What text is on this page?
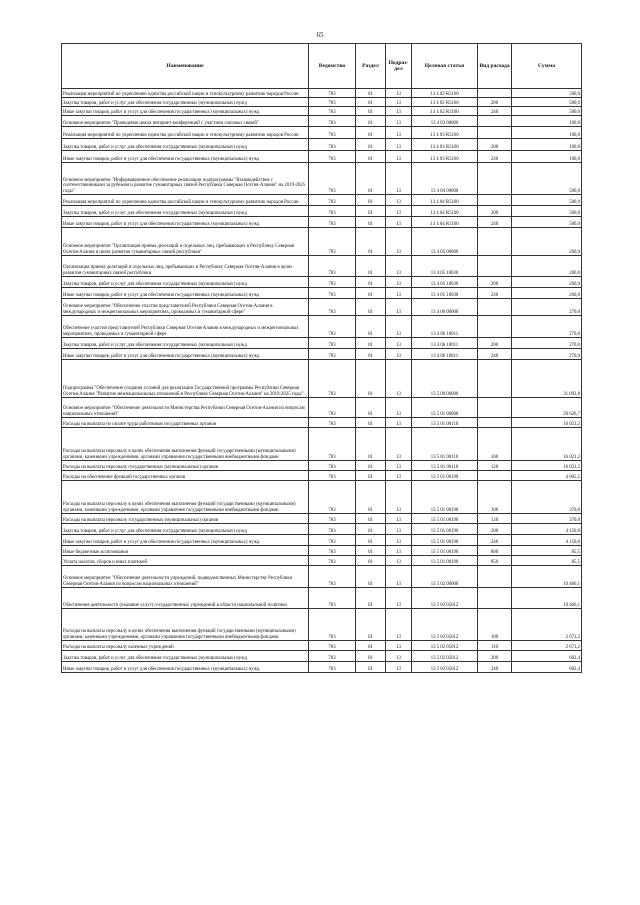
65
Наименование	Ведомство	Раздел	Подраз-дел	Целевая статья	Вид расхода	Сумма
Реализация мероприятий по укреплению единства российской нации и этнокультурному развитию народов России	783	01	13	13 4 02 R5160		500,0
Закупка товаров, работ и услуг для обеспечения государственных (муниципальных) нужд	783	01	13	13 4 02 R5160	200	500,0
Иные закупки товаров, работ и услуг для обеспечения государственных (муниципальных) нужд	783	01	13	13 4 02 R5160	240	500,0
Основное мероприятие "Проведение цикла интернет-конференций с участием союзных связей"	783	01	13	13 4 03 00000		100,0
Реализация мероприятий по укреплению единства российской нации и этнокультурному развитию народов России	783	01	13	13 4 03 R5160		100,0
Закупка товаров, работ и услуг для обеспечения государственных (муниципальных) нужд	783	01	13	13 4 03 R5160	200	100,0
Иные закупки товаров, работ и услуг для обеспечения государственных (муниципальных) нужд	783	01	13	13 4 03 R5160	240	100,0
Основное мероприятие "Информационное обеспечение реализации подпрограммы "Взаимодействие с соотечественниками за рубежом и развитие гуманитарных связей Республики Северная Осетия-Алания" на 2019-2025 годы"	783	01	13	13 4 04 00000		500,0
Реализация мероприятий по укреплению единства российской нации и этнокультурному развитию народов России	783	01	13	13 4 04 R5160		500,0
Закупка товаров, работ и услуг для обеспечения государственных (муниципальных) нужд	783	01	13	13 4 04 R5160	200	500,0
Иные закупки товаров, работ и услуг для обеспечения государственных (муниципальных) нужд	783	01	13	13 4 04 R5160	240	500,0
Основное мероприятие "Организация приема делегаций и отдельных лиц, пребывающих в Республику Северная Осетия-Алания в целях развития гуманитарных связей республики"	783	01	13	13 4 05 00000		260,0
Организация приема делегаций и отдельных лиц, пребывающих в Республику Северная Осетия-Алания в целях развития гуманитарных связей республики	783	01	13	13 4 05 10030		260,0
Закупка товаров, работ и услуг для обеспечения государственных (муниципальных) нужд	783	01	13	13 4 05 10030	200	260,0
Иные закупки товаров, работ и услуг для обеспечения государственных (муниципальных) нужд	783	01	13	13 4 05 10030	240	260,0
Основное мероприятие "Обеспечение участия представителей Республики Северная Осетия-Алания в международных и межрегиональных мероприятиях, проводимых в гуманитарной сфере"	783	01	13	13 4 06 00000		270,0
Обеспечение участия представителей Республики Северная Осетия-Алания в международных и межрегиональных мероприятиях, проводимых в гуманитарной сфере	783	01	13	13 4 06 10011		270,0
Закупка товаров, работ и услуг для обеспечения государственных (муниципальных) нужд	783	01	13	13 4 06 10011	200	270,0
Иные закупки товаров, работ и услуг для обеспечения государственных (муниципальных) нужд	783	01	13	13 4 06 10011	240	270,0
Подпрограмма "Обеспечение создания условий для реализации Государственной программы Республики Северная Осетия-Алания "Развитие межнациональных отношений в Республике Северная Осетия-Алания" на 2019-2025 годы"	783	01	13	13 5 00 00000		31 092,8
Основное мероприятие "Обеспечение деятельности Министерства Республики Северная Осетия-Алания по вопросам национальных отношений"	783	01	13	13 5 01 00000		20 626,7
Расходы на выплаты по оплате труда работников государственных органов	783	01	13	13 5 01 00110		16 021,2
Расходы на выплаты персоналу в целях обеспечения выполнения функций государственными (муниципальными) органами, казенными учреждениями, органами управления государственными внебюджетными фондами	783	01	13	13 5 01 00110	100	16 021,2
Расходы на выплаты персоналу государственных (муниципальных) органов	783	01	13	13 5 01 00110	120	16 021,2
Расходы на обеспечение функций государственных органов	783	01	13	13 5 01 00190		4 605,5
Расходы на выплаты персоналу в целях обеспечения выполнения функций государственными (муниципальными) органами, казенными учреждениями, органами управления государственными внебюджетными фондами	783	01	13	13 5 01 00190	100	370,0
Расходы на выплаты персоналу государственных (муниципальных) органов	783	01	13	13 5 01 00190	120	370,0
Закупка товаров, работ и услуг для обеспечения государственных (муниципальных) нужд	783	01	13	13 5 01 00190	200	4 150,0
Иные закупки товаров, работ и услуг для обеспечения государственных (муниципальных) нужд	783	01	13	13 5 01 00190	240	4 150,0
Иные бюджетные ассигнования	783	01	13	13 5 01 00190	800	85,5
Уплата налогов, сборов и иных платежей	783	01	13	13 5 01 00190	850	85,5
Основное мероприятие "Обеспечение деятельности учреждений, подведомственных Министерству Республики Северная Осетия-Алания по вопросам национальных отношений"	783	01	13	13 5 02 00000		10 466,1
Обеспечение деятельности (оказание услуг) государственных учреждений в области национальной политики	783	01	13	13 5 02 05012		10 466,1
Расходы на выплаты персоналу в целях обеспечения выполнения функций государственными (муниципальными) органами, казенными учреждениями, органами управления государственными внебюджетными фондами	783	01	13	13 5 02 05012	100	2 673,2
Расходы на выплаты персоналу казенных учреждений	783	01	13	13 5 02 05012	110	2 673,2
Закупка товаров, работ и услуг для обеспечения государственных (муниципальных) нужд	783	01	13	13 5 02 05012	200	602,4
Иные закупки товаров, работ и услуг для обеспечения государственных (муниципальных) нужд	783	01	13	13 5 02 05012	240	602,4
